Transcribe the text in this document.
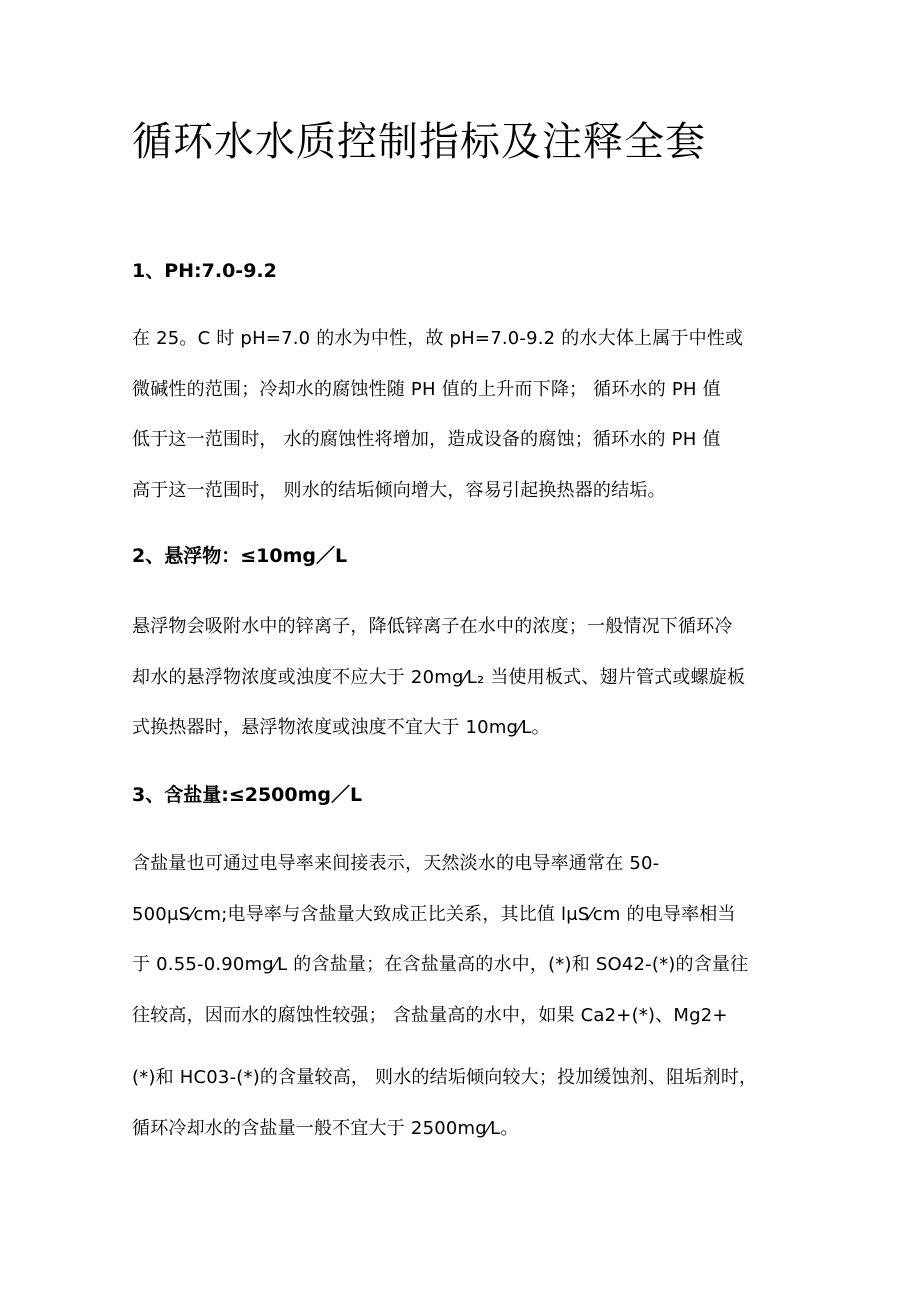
循环水水质控制指标及注释全套
1、PH:7.0-9.2

在 25。C 时 pH=7.0 的水为中性，故 pH=7.0-9.2 的水大体上属于中性或
微碱性的范围；冷却水的腐蚀性随 PH 值的上升而下降； 循环水的 PH 值
低于这一范围时， 水的腐蚀性将增加，造成设备的腐蚀；循环水的 PH 值
高于这一范围时， 则水的结垢倾向增大，容易引起换热器的结垢。

2、悬浮物：≤10mg／L

悬浮物会吸附水中的锌离子，降低锌离子在水中的浓度；一般情况下循环冷
却水的悬浮物浓度或浊度不应大于 20mg⁄L₂ 当使用板式、翅片管式或螺旋板
式换热器时，悬浮物浓度或浊度不宜大于 10mg⁄L。

3、含盐量:≤2500mg／L

含盐量也可通过电导率来间接表示，天然淡水的电导率通常在 50-
500μS⁄cm;电导率与含盐量大致成正比关系，其比值 lμS⁄cm 的电导率相当
于 0.55-0.90mg⁄L 的含盐量；在含盐量高的水中，(*)和 SO42-(*)的含量往
往较高，因而水的腐蚀性较强； 含盐量高的水中，如果 Ca2+(*)、Mg2+

(*)和 HC03-(*)的含量较高， 则水的结垢倾向较大；投加缓蚀剂、阻垢剂时，
循环冷却水的含盐量一般不宜大于 2500mg⁄L。
